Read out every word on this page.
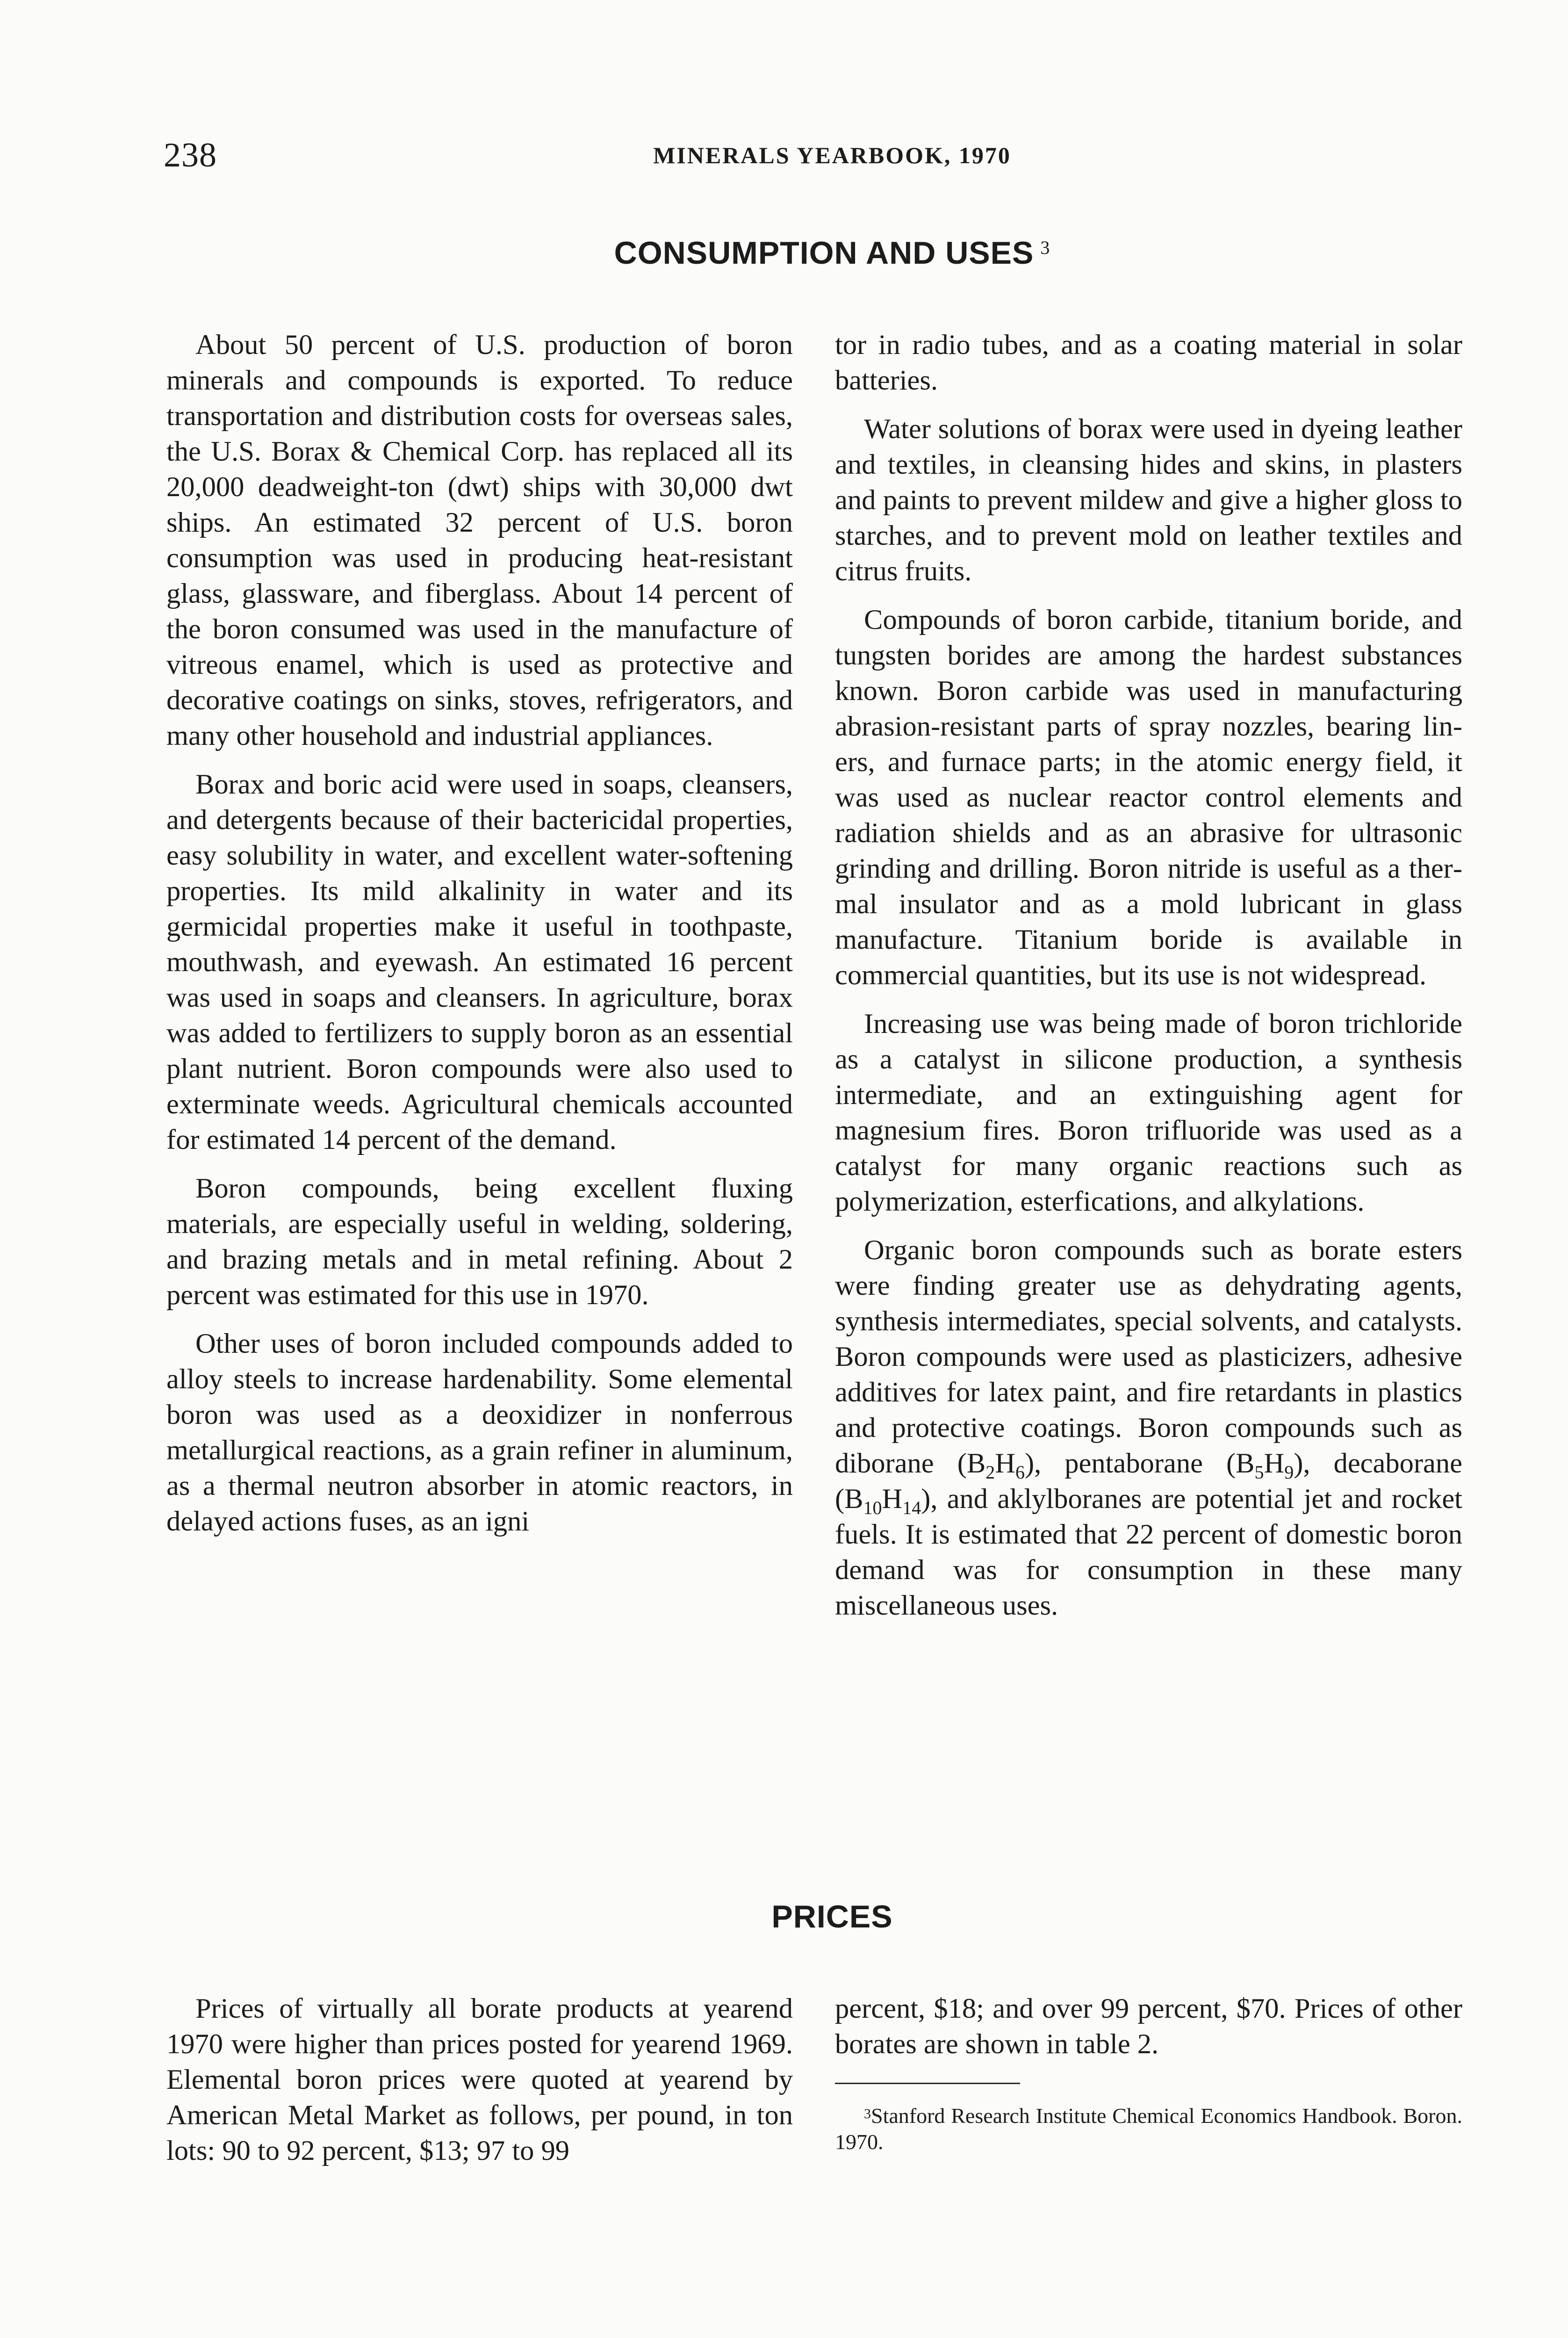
238	MINERALS YEARBOOK, 1970
CONSUMPTION AND USES $^3$

About 50 percent of U.S. production of boron minerals and compounds is exported. To reduce transportation and distribution costs for overseas sales, the U.S. Borax & Chemical Corp. has replaced all its 20,000 deadweight-ton (dwt) ships with 30,000 dwt ships. An estimated 32 percent of U.S. boron consumption was used in producing heat-resistant glass, glassware, and fiberglass. About 14 percent of the boron consumed was used in the manufacture of vitreous enamel, which is used as protective and decorative coatings on sinks, stoves, refrigerators, and many other household and industrial appliances.

Borax and boric acid were used in soaps, cleansers, and detergents because of their bactericidal properties, easy solubility in water, and excellent water-softening properties. Its mild alkalinity in water and its germicidal properties make it useful in toothpaste, mouthwash, and eyewash. An estimated 16 percent was used in soaps and cleansers. In agriculture, borax was added to fertilizers to supply boron as an essential plant nutrient. Boron compounds were also used to exterminate weeds. Agricultural chemicals accounted for estimated 14 percent of the demand.

Boron compounds, being excellent fluxing materials, are especially useful in welding, soldering, and brazing metals and in metal refining. About 2 percent was estimated for this use in 1970.

Other uses of boron included compounds added to alloy steels to increase hardenability. Some elemental boron was used as a deoxidizer in nonferrous metallurgical reactions, as a grain refiner in aluminum, as a thermal neutron absorber in atomic reactors, in delayed actions fuses, as an igni

tor in radio tubes, and as a coating material in solar batteries.

Water solutions of borax were used in dyeing leather and textiles, in cleansing hides and skins, in plasters and paints to prevent mildew and give a higher gloss to starches, and to prevent mold on leather textiles and citrus fruits.

Compounds of boron carbide, titanium boride, and tungsten borides are among the hardest substances known. Boron carbide was used in manufacturing abrasion-resistant parts of spray nozzles, bearing liners, and furnace parts; in the atomic energy field, it was used as nuclear reactor control elements and radiation shields and as an abrasive for ultrasonic grinding and drilling. Boron nitride is useful as a thermal insulator and as a mold lubricant in glass manufacture. Titanium boride is available in commercial quantities, but its use is not widespread.

Increasing use was being made of boron trichloride as a catalyst in silicone production, a synthesis intermediate, and an extinguishing agent for magnesium fires. Boron trifluoride was used as a catalyst for many organic reactions such as polymerization, esterfications, and alkylations.

Organic boron compounds such as borate esters were finding greater use as dehydrating agents, synthesis intermediates, special solvents, and catalysts. Boron compounds were used as plasticizers, adhesive additives for latex paint, and fire retardants in plastics and protective coatings. Boron compounds such as diborane $(B_2H_6)$, pentaborane $(B_5H_9)$, decaborane $(B_{10}H_{14})$, and aklylboranes are potential jet and rocket fuels. It is estimated that 22 percent of domestic boron demand was for consumption in these many miscellaneous uses.

PRICES

Prices of virtually all borate products at yearend 1970 were higher than prices posted for yearend 1969. Elemental boron prices were quoted at yearend by American Metal Market as follows, per pound, in ton lots: 90 to 92 percent, $13; 97 to 99

percent, $18; and over 99 percent, $70. Prices of other borates are shown in table 2.

$^3$Stanford Research Institute Chemical Economics Handbook. Boron. 1970.
